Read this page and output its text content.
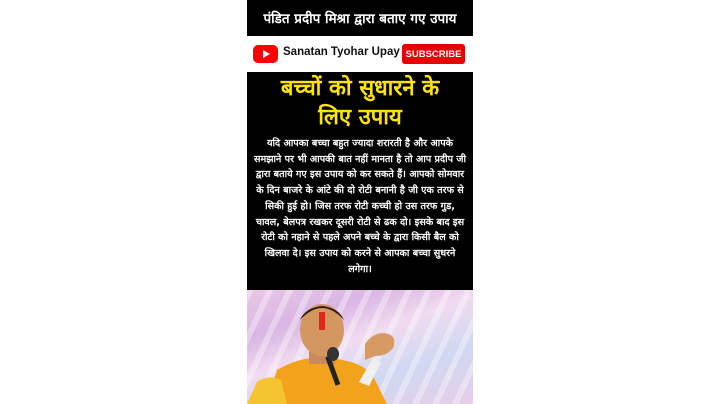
पंडित प्रदीप मिश्रा द्वारा बताए गए उपाय
Sanatan Tyohar Upay SUBSCRIBE
बच्चों को सुधारने के
लिए उपाय
यदि आपका बच्चा बहुत ज्यादा शरारती है और आपके समझाने पर भी आपकी बात नहीं मानता है तो आप प्रदीप जी द्वारा बताये गए इस उपाय को कर सकते हैं। आपको सोमवार के दिन बाजरे के आंटे की दो रोटी बनानी है जी एक तरफ से सिकी हुई हो। जिस तरफ रोटी कच्ची हो उस तरफ गुड, चावल, बेलपत्र रखकर दूसरी रोटी से ढक दो। इसके बाद इस रोटी को नहाने से पहले अपने बच्चे के द्वारा किसी बैल को खिलवा दे। इस उपाय को करने से आपका बच्चा सुधरने लगेगा।
